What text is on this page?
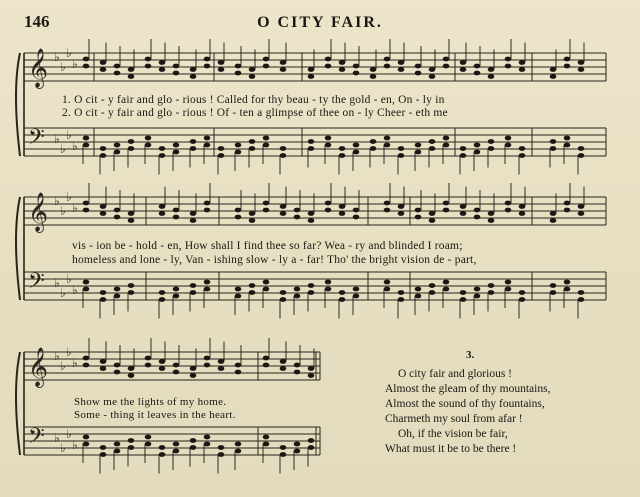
146	O CITY FAIR.
𝄞
𝄢
♭
♭
♭
♭
♭
♭
♭
♭
𝄞
𝄢
♭
♭
♭
♭
♭
♭
♭
♭
𝄞
𝄢
♭
♭
♭
♭
♭
♭
♭
♭
1. O cit - y fair and glo - rious ! Called for thy beau - ty the gold - en, On - ly in
2. O cit - y fair and glo - rious ! Of - ten a glimpse of thee on - ly Cheer - eth me
vis - ion be - hold - en, How shall I find thee so far? Wea - ry and blinded I roam;
homeless and lone - ly, Van - ishing slow - ly a - far! Tho' the bright vision de - part,
Show me the lights of my home.
Some - thing it leaves in the heart.
3.
O city fair and glorious !
Almost the gleam of thy mountains,
Almost the sound of thy fountains,
Charmeth my soul from afar !
Oh, if the vision be fair,
What must it be to be there !
